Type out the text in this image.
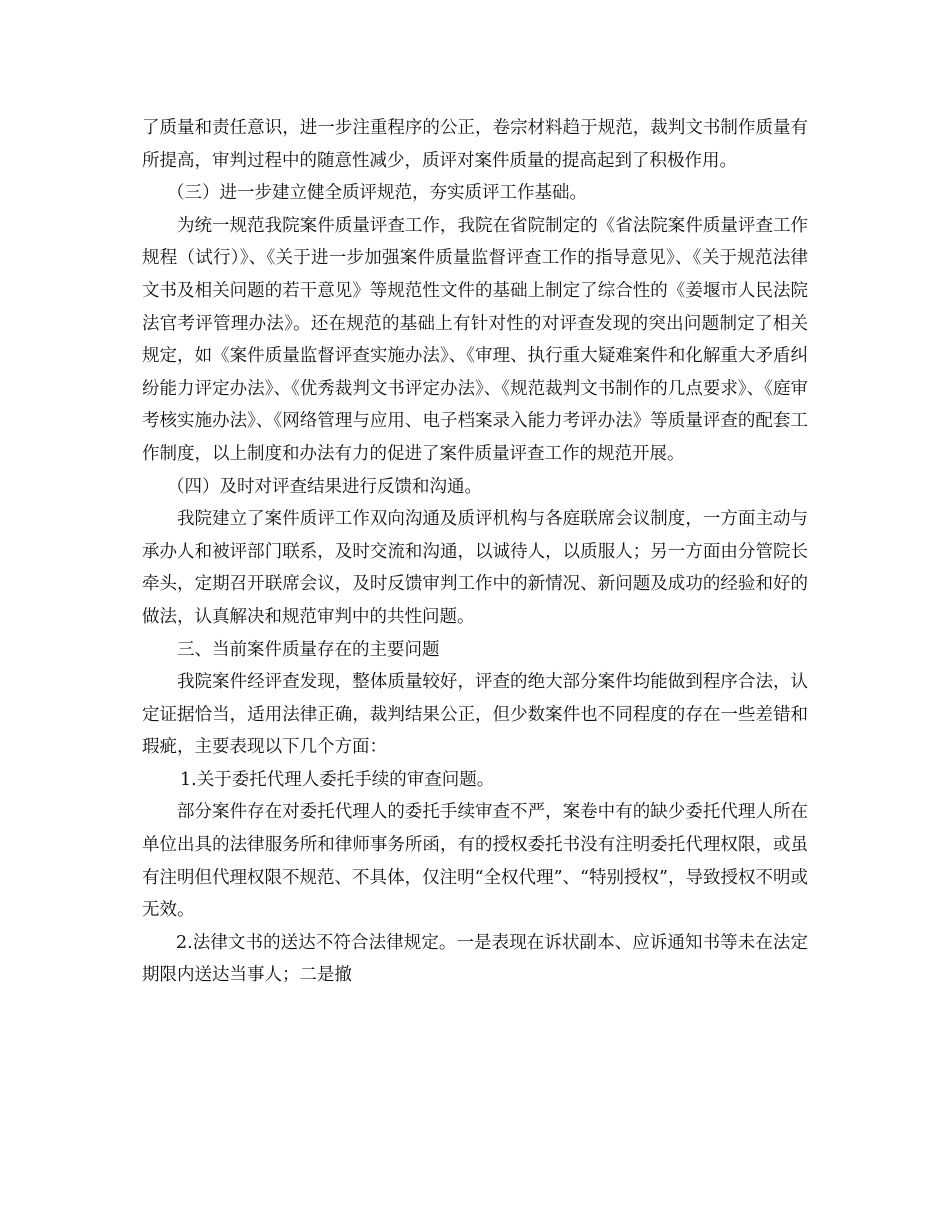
了质量和责任意识，进一步注重程序的公正，卷宗材料趋于规范，裁判文书制作质量有所提高，审判过程中的随意性减少，质评对案件质量的提高起到了积极作用。

（三）进一步建立健全质评规范，夯实质评工作基础。

为统一规范我院案件质量评查工作，我院在省院制定的《省法院案件质量评查工作规程（试行）》、《关于进一步加强案件质量监督评查工作的指导意见》、《关于规范法律文书及相关问题的若干意见》等规范性文件的基础上制定了综合性的《姜堰市人民法院法官考评管理办法》。还在规范的基础上有针对性的对评查发现的突出问题制定了相关规定，如《案件质量监督评查实施办法》、《审理、执行重大疑难案件和化解重大矛盾纠纷能力评定办法》、《优秀裁判文书评定办法》、《规范裁判文书制作的几点要求》、《庭审考核实施办法》、《网络管理与应用、电子档案录入能力考评办法》等质量评查的配套工作制度，以上制度和办法有力的促进了案件质量评查工作的规范开展。

（四）及时对评查结果进行反馈和沟通。

我院建立了案件质评工作双向沟通及质评机构与各庭联席会议制度，一方面主动与承办人和被评部门联系，及时交流和沟通，以诚待人，以质服人；另一方面由分管院长牵头，定期召开联席会议，及时反馈审判工作中的新情况、新问题及成功的经验和好的做法，认真解决和规范审判中的共性问题。

三、当前案件质量存在的主要问题

我院案件经评查发现，整体质量较好，评查的绝大部分案件均能做到程序合法，认定证据恰当，适用法律正确，裁判结果公正，但少数案件也不同程度的存在一些差错和瑕疵，主要表现以下几个方面：

1.关于委托代理人委托手续的审查问题。

部分案件存在对委托代理人的委托手续审查不严，案卷中有的缺少委托代理人所在单位出具的法律服务所和律师事务所函，有的授权委托书没有注明委托代理权限，或虽有注明但代理权限不规范、不具体，仅注明“全权代理”、“特别授权”，导致授权不明或无效。

2.法律文书的送达不符合法律规定。一是表现在诉状副本、应诉通知书等未在法定期限内送达当事人；二是撤
